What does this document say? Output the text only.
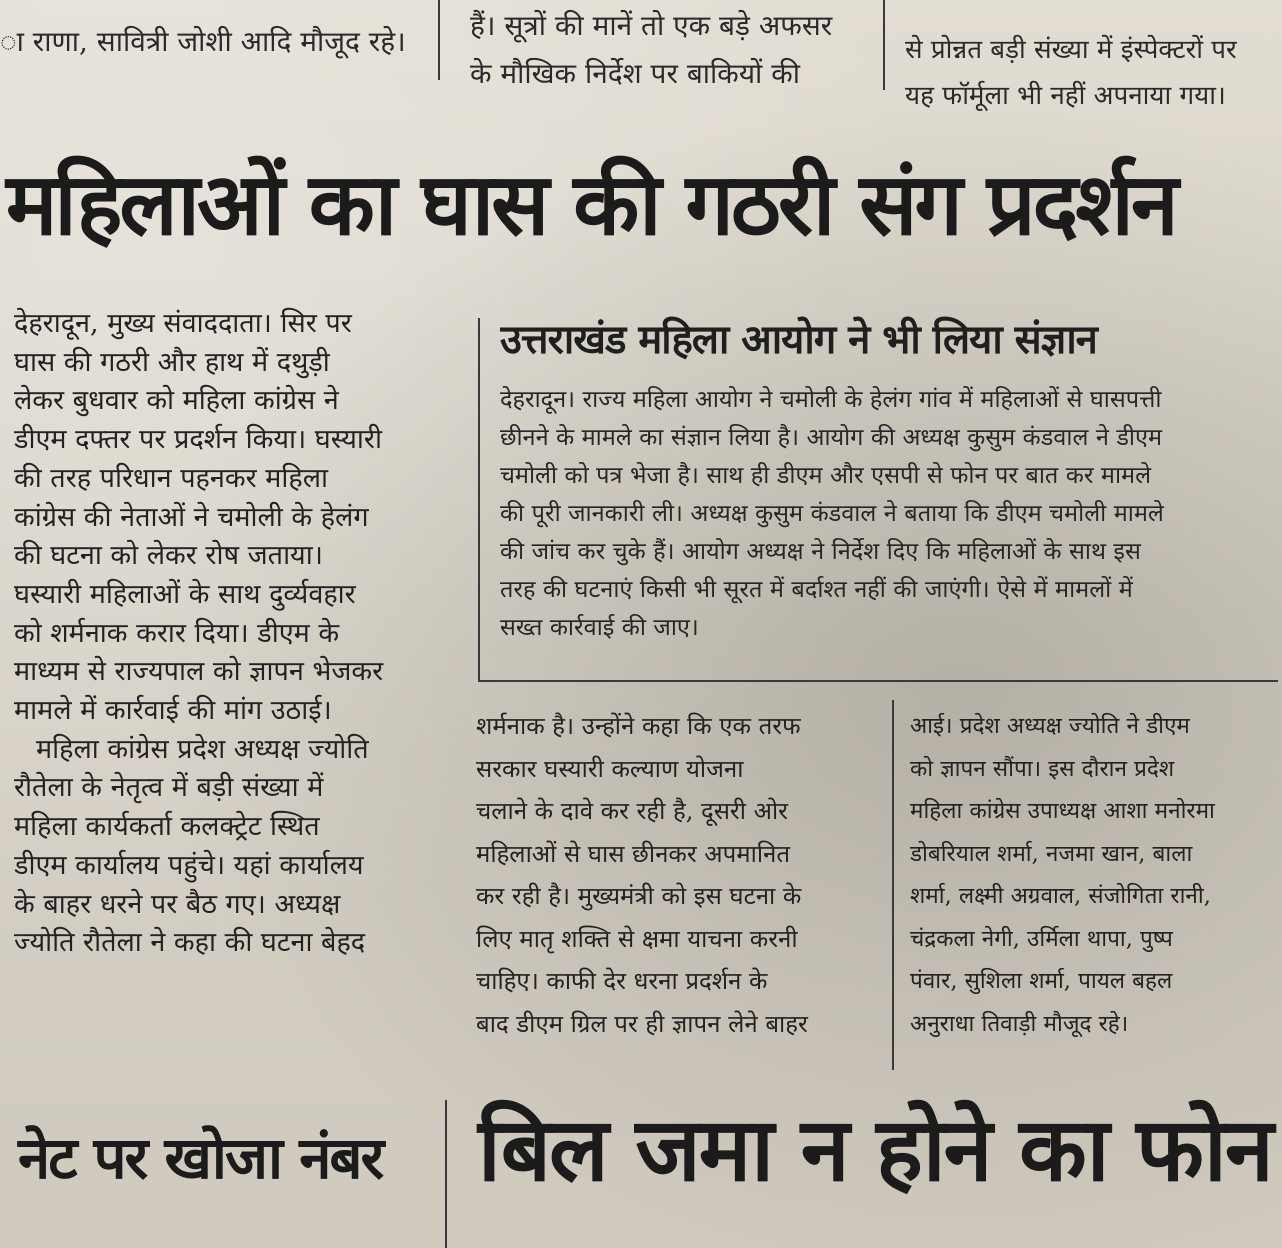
ा राणा, सावित्री जोशी आदि मौजूद रहे। हैं। सूत्रों की मानें तो एक बड़े अफसर
के मौखिक निर्देश पर बाकियों की
से प्रोन्नत बड़ी संख्या में इंस्पेक्टरों पर
यह फॉर्मूला भी नहीं अपनाया गया।
महिलाओं का घास की गठरी संग प्रदर्शन
देहरादून, मुख्य संवाददाता। सिर पर
घास की गठरी और हाथ में दथुड़ी
लेकर बुधवार को महिला कांग्रेस ने
डीएम दफ्तर पर प्रदर्शन किया। घस्यारी
की तरह परिधान पहनकर महिला
कांग्रेस की नेताओं ने चमोली के हेलंग
की घटना को लेकर रोष जताया।
घस्यारी महिलाओं के साथ दुर्व्यवहार
को शर्मनाक करार दिया। डीएम के
माध्यम से राज्यपाल को ज्ञापन भेजकर
मामले में कार्रवाई की मांग उठाई।
महिला कांग्रेस प्रदेश अध्यक्ष ज्योति
रौतेला के नेतृत्व में बड़ी संख्या में
महिला कार्यकर्ता कलक्ट्रेट स्थित
डीएम कार्यालय पहुंचे। यहां कार्यालय
के बाहर धरने पर बैठ गए। अध्यक्ष
ज्योति रौतेला ने कहा की घटना बेहद
उत्तराखंड महिला आयोग ने भी लिया संज्ञान
देहरादून। राज्य महिला आयोग ने चमोली के हेलंग गांव में महिलाओं से घासपत्ती
छीनने के मामले का संज्ञान लिया है। आयोग की अध्यक्ष कुसुम कंडवाल ने डीएम
चमोली को पत्र भेजा है। साथ ही डीएम और एसपी से फोन पर बात कर मामले
की पूरी जानकारी ली। अध्यक्ष कुसुम कंडवाल ने बताया कि डीएम चमोली मामले
की जांच कर चुके हैं। आयोग अध्यक्ष ने निर्देश दिए कि महिलाओं के साथ इस
तरह की घटनाएं किसी भी सूरत में बर्दाश्त नहीं की जाएंगी। ऐसे में मामलों में
सख्त कार्रवाई की जाए।
शर्मनाक है। उन्होंने कहा कि एक तरफ
सरकार घस्यारी कल्याण योजना
चलाने के दावे कर रही है, दूसरी ओर
महिलाओं से घास छीनकर अपमानित
कर रही है। मुख्यमंत्री को इस घटना के
लिए मातृ शक्ति से क्षमा याचना करनी
चाहिए। काफी देर धरना प्रदर्शन के
बाद डीएम ग्रिल पर ही ज्ञापन लेने बाहर
आई। प्रदेश अध्यक्ष ज्योति ने डीएम
को ज्ञापन सौंपा। इस दौरान प्रदेश
महिला कांग्रेस उपाध्यक्ष आशा मनोरमा
डोबरियाल शर्मा, नजमा खान, बाला
शर्मा, लक्ष्मी अग्रवाल, संजोगिता रानी,
चंद्रकला नेगी, उर्मिला थापा, पुष्प
पंवार, सुशिला शर्मा, पायल बहल
अनुराधा तिवाड़ी मौजूद रहे।
नेट पर खोजा नंबर बिल जमा न होने का फोन
